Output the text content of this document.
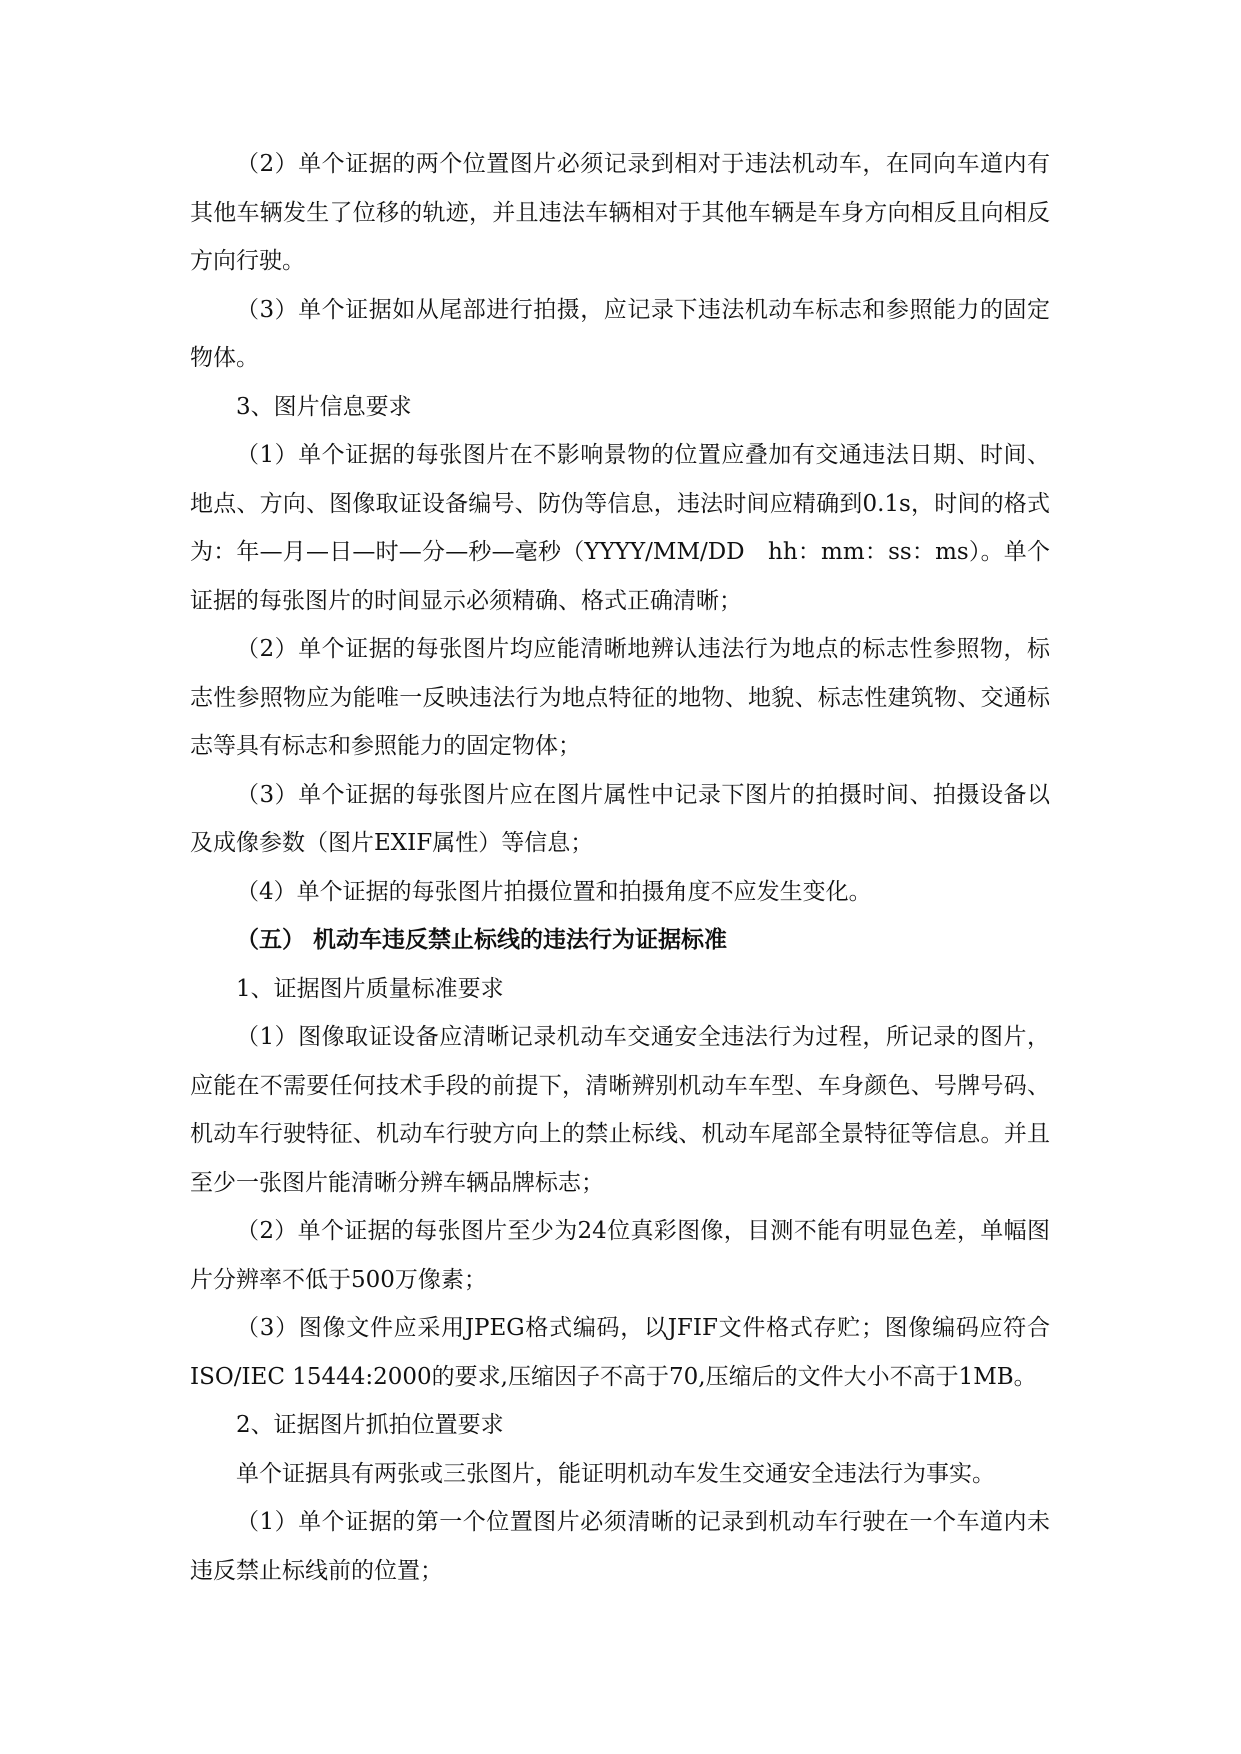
（2）单个证据的两个位置图片必须记录到相对于违法机动车，在同向车道内有其他车辆发生了位移的轨迹，并且违法车辆相对于其他车辆是车身方向相反且向相反方向行驶。

（3）单个证据如从尾部进行拍摄，应记录下违法机动车标志和参照能力的固定物体。

3、图片信息要求

（1）单个证据的每张图片在不影响景物的位置应叠加有交通违法日期、时间、地点、方向、图像取证设备编号、防伪等信息，违法时间应精确到0.1s，时间的格式为：年—月—日—时—分—秒—毫秒（YYYY/MM/DD　hh：mm：ss：ms）。单个证据的每张图片的时间显示必须精确、格式正确清晰；

（2）单个证据的每张图片均应能清晰地辨认违法行为地点的标志性参照物，标志性参照物应为能唯一反映违法行为地点特征的地物、地貌、标志性建筑物、交通标志等具有标志和参照能力的固定物体；

（3）单个证据的每张图片应在图片属性中记录下图片的拍摄时间、拍摄设备以及成像参数（图片EXIF属性）等信息；

（4）单个证据的每张图片拍摄位置和拍摄角度不应发生变化。

（五） 机动车违反禁止标线的违法行为证据标准

1、证据图片质量标准要求

（1）图像取证设备应清晰记录机动车交通安全违法行为过程，所记录的图片，应能在不需要任何技术手段的前提下，清晰辨别机动车车型、车身颜色、号牌号码、机动车行驶特征、机动车行驶方向上的禁止标线、机动车尾部全景特征等信息。并且至少一张图片能清晰分辨车辆品牌标志；

（2）单个证据的每张图片至少为24位真彩图像，目测不能有明显色差，单幅图片分辨率不低于500万像素；

（3）图像文件应采用JPEG格式编码，以JFIF文件格式存贮；图像编码应符合ISO/IEC 15444:2000的要求,压缩因子不高于70,压缩后的文件大小不高于1MB。

2、证据图片抓拍位置要求

单个证据具有两张或三张图片，能证明机动车发生交通安全违法行为事实。

（1）单个证据的第一个位置图片必须清晰的记录到机动车行驶在一个车道内未违反禁止标线前的位置；
